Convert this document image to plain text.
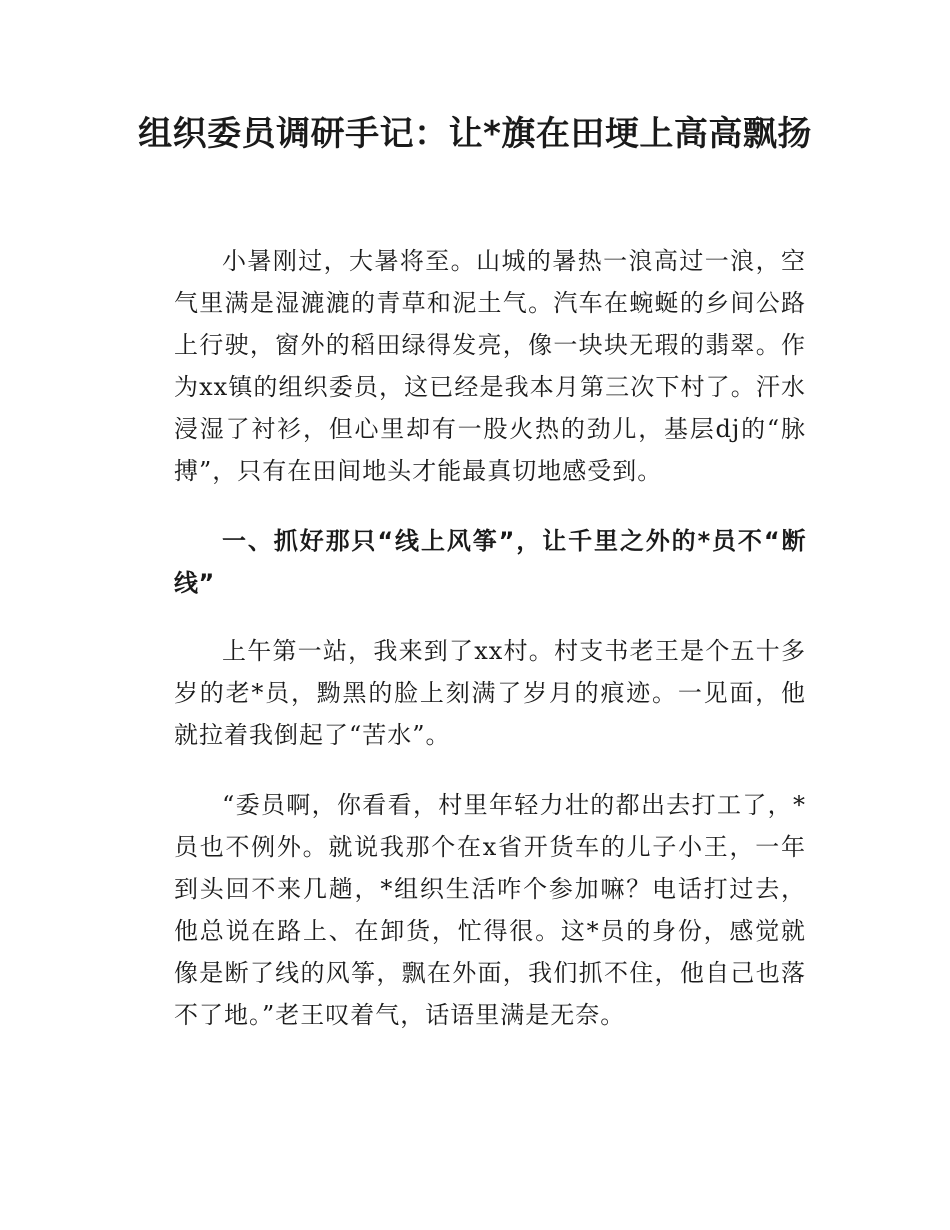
组织委员调研手记：让*旗在田埂上高高飘扬

小暑刚过，大暑将至。山城的暑热一浪高过一浪，空气里满是湿漉漉的青草和泥土气。汽车在蜿蜒的乡间公路上行驶，窗外的稻田绿得发亮，像一块块无瑕的翡翠。作为xx镇的组织委员，这已经是我本月第三次下村了。汗水浸湿了衬衫，但心里却有一股火热的劲儿，基层dj的“脉搏”，只有在田间地头才能最真切地感受到。

一、抓好那只“线上风筝”，让千里之外的*员不“断线”

上午第一站，我来到了xx村。村支书老王是个五十多岁的老*员，黝黑的脸上刻满了岁月的痕迹。一见面，他就拉着我倒起了“苦水”。

“委员啊，你看看，村里年轻力壮的都出去打工了，*员也不例外。就说我那个在x省开货车的儿子小王，一年到头回不来几趟，*组织生活咋个参加嘛？电话打过去，他总说在路上、在卸货，忙得很。这*员的身份，感觉就像是断了线的风筝，飘在外面，我们抓不住，他自己也落不了地。”老王叹着气，话语里满是无奈。
